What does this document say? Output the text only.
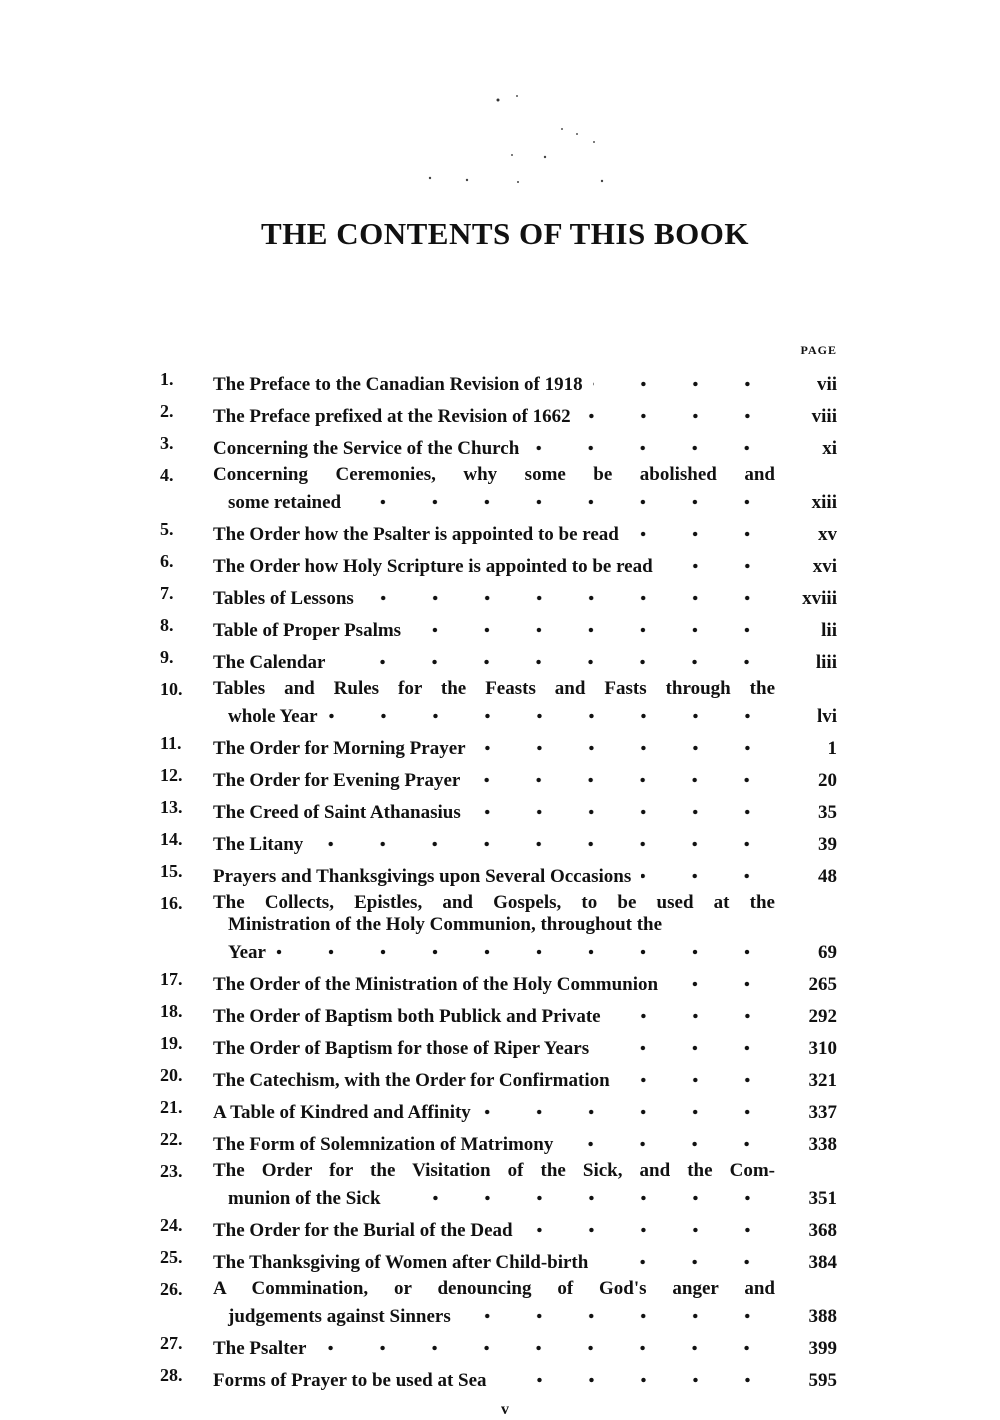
THE CONTENTS OF THIS BOOK
PAGE
1.	The Preface to the Canadian Revision of 1918	vii
2.	The Preface prefixed at the Revision of 1662	viii
3.	Concerning the Service of the Church	xi
4.	Concerning Ceremonies, why some be abolished and
some retained	xiii
5.	The Order how the Psalter is appointed to be read	xv
6.	The Order how Holy Scripture is appointed to be read	xvi
7.	Tables of Lessons	xviii
8.	Table of Proper Psalms	lii
9.	The Calendar	liii
10.	Tables and Rules for the Feasts and Fasts through the
whole Year	lvi
11.	The Order for Morning Prayer	1
12.	The Order for Evening Prayer	20
13.	The Creed of Saint Athanasius	35
14.	The Litany	39
15.	Prayers and Thanksgivings upon Several Occasions	48
16.	The Collects, Epistles, and Gospels, to be used at the
Ministration of the Holy Communion, throughout the
Year	69
17.	The Order of the Ministration of the Holy Communion	265
18.	The Order of Baptism both Publick and Private	292
19.	The Order of Baptism for those of Riper Years	310
20.	The Catechism, with the Order for Confirmation	321
21.	A Table of Kindred and Affinity	337
22.	The Form of Solemnization of Matrimony	338
23.	The Order for the Visitation of the Sick, and the Com-
munion of the Sick	351
24.	The Order for the Burial of the Dead	368
25.	The Thanksgiving of Women after Child-birth	384
26.	A Commination, or denouncing of God's anger and
judgements against Sinners	388
27.	The Psalter	399
28.	Forms of Prayer to be used at Sea	595
v
